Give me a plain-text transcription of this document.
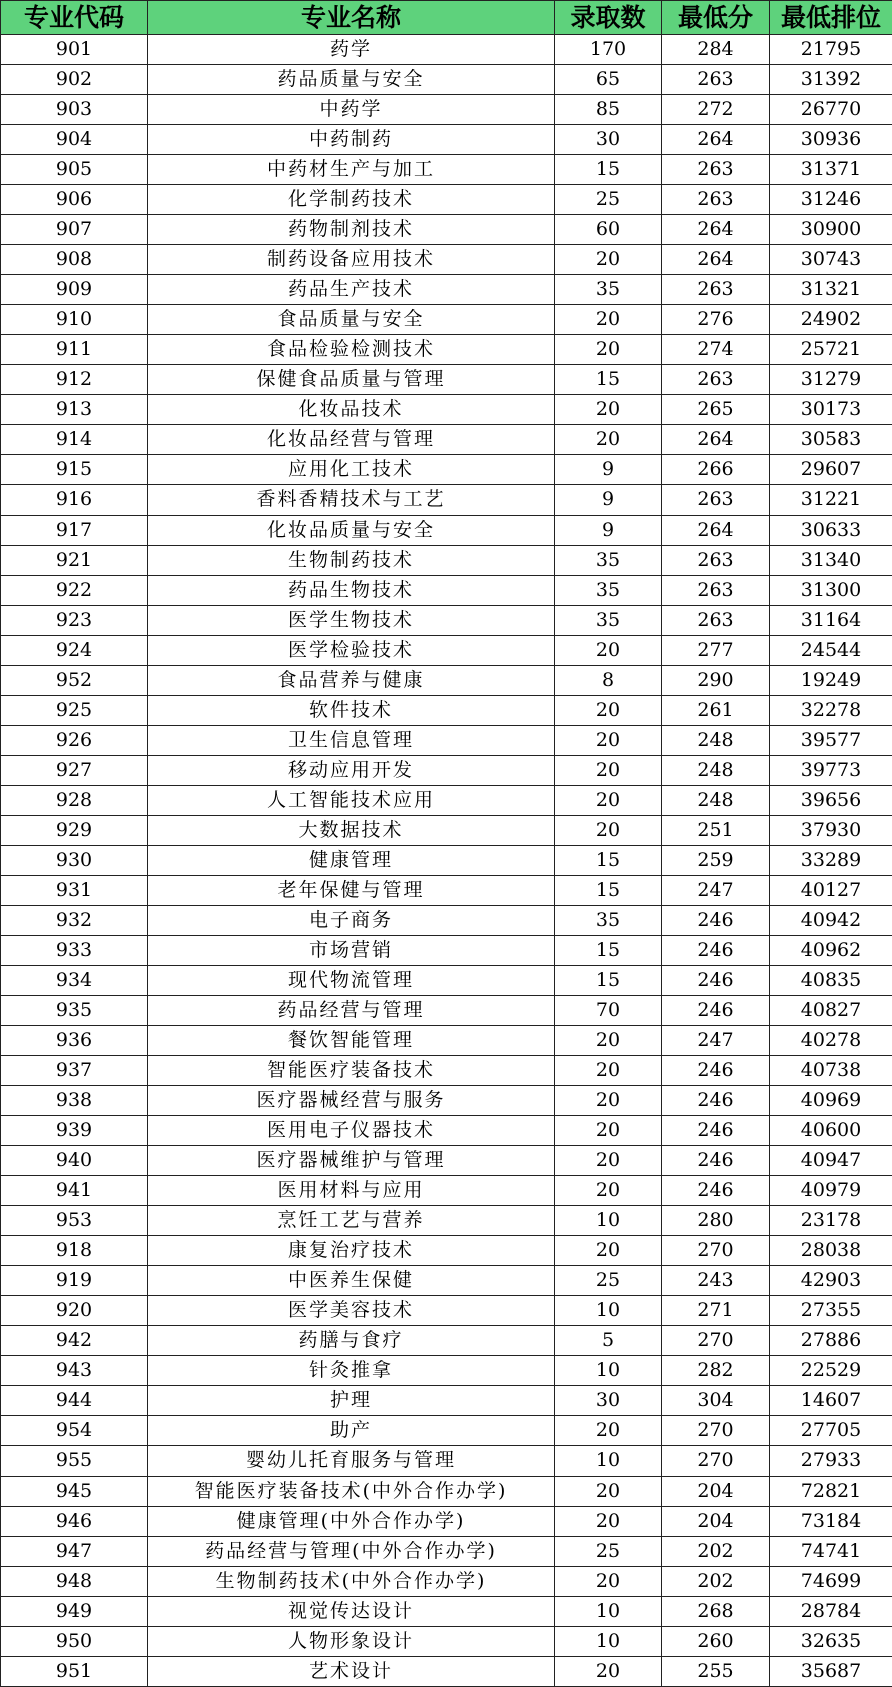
专业代码	专业名称	录取数	最低分	最低排位
901	药学	170	284	21795
902	药品质量与安全	65	263	31392
903	中药学	85	272	26770
904	中药制药	30	264	30936
905	中药材生产与加工	15	263	31371
906	化学制药技术	25	263	31246
907	药物制剂技术	60	264	30900
908	制药设备应用技术	20	264	30743
909	药品生产技术	35	263	31321
910	食品质量与安全	20	276	24902
911	食品检验检测技术	20	274	25721
912	保健食品质量与管理	15	263	31279
913	化妆品技术	20	265	30173
914	化妆品经营与管理	20	264	30583
915	应用化工技术	9	266	29607
916	香料香精技术与工艺	9	263	31221
917	化妆品质量与安全	9	264	30633
921	生物制药技术	35	263	31340
922	药品生物技术	35	263	31300
923	医学生物技术	35	263	31164
924	医学检验技术	20	277	24544
952	食品营养与健康	8	290	19249
925	软件技术	20	261	32278
926	卫生信息管理	20	248	39577
927	移动应用开发	20	248	39773
928	人工智能技术应用	20	248	39656
929	大数据技术	20	251	37930
930	健康管理	15	259	33289
931	老年保健与管理	15	247	40127
932	电子商务	35	246	40942
933	市场营销	15	246	40962
934	现代物流管理	15	246	40835
935	药品经营与管理	70	246	40827
936	餐饮智能管理	20	247	40278
937	智能医疗装备技术	20	246	40738
938	医疗器械经营与服务	20	246	40969
939	医用电子仪器技术	20	246	40600
940	医疗器械维护与管理	20	246	40947
941	医用材料与应用	20	246	40979
953	烹饪工艺与营养	10	280	23178
918	康复治疗技术	20	270	28038
919	中医养生保健	25	243	42903
920	医学美容技术	10	271	27355
942	药膳与食疗	5	270	27886
943	针灸推拿	10	282	22529
944	护理	30	304	14607
954	助产	20	270	27705
955	婴幼儿托育服务与管理	10	270	27933
945	智能医疗装备技术(中外合作办学)	20	204	72821
946	健康管理(中外合作办学)	20	204	73184
947	药品经营与管理(中外合作办学)	25	202	74741
948	生物制药技术(中外合作办学)	20	202	74699
949	视觉传达设计	10	268	28784
950	人物形象设计	10	260	32635
951	艺术设计	20	255	35687
